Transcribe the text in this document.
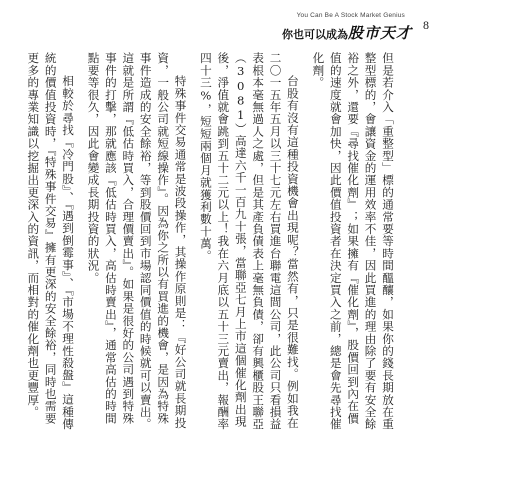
You Can Be A Stock Market Genius
你也可以成為股市天才 8

但是若介入「重整型」標的通常要等時間醞釀，如果你的錢長期放在重整型標的，會讓資金的運用效率不佳，因此買進的理由除了要有安全餘裕之外，還要『尋找催化劑』；如果擁有『催化劑』，股價回到內在價值的速度就會加快，因此價值投資者在決定買入之前，總是會先尋找催化劑。

台股有沒有這種投資機會出現呢？當然有，只是很難找。例如我在二〇一五年五月以三十七元左右買進台聯電這間公司，此公司只看損益表根本毫無過人之處，但是其產負債表上毫無負債，卻有興櫃股王聯亞（3081）高達六千一百九十張，當聯亞七月上市這個催化劑出現後，淨值就會跳到五十二元以上！我在六月底以五十三元賣出，報酬率四十三%，短短兩個月就獲利數十萬。

特殊事件交易通常是波段操作，其操作原則是：『好公司就長期投資，一般公司就短線操作』。因為你之所以有買進的機會，是因為特殊事件造成的安全餘裕，等到股價回到市場認同價值的時候就可以賣出。這就是所謂『低估時買入，合理價賣出』。如果是很好的公司遇到特殊事件的打擊，那就應該『低估時買入，高估時賣出』，通常高估的時間點要等很久，因此會變成長期投資的狀況。

相較於尋找『冷門股』、『遇到倒霉事』、『市場不理性殺盤』這種傳統的價值投資時，『特殊事件交易』擁有更深的安全餘裕，同時也需要更多的專業知識以挖掘出更深入的資訊，而相對的催化劑也更豐厚。
